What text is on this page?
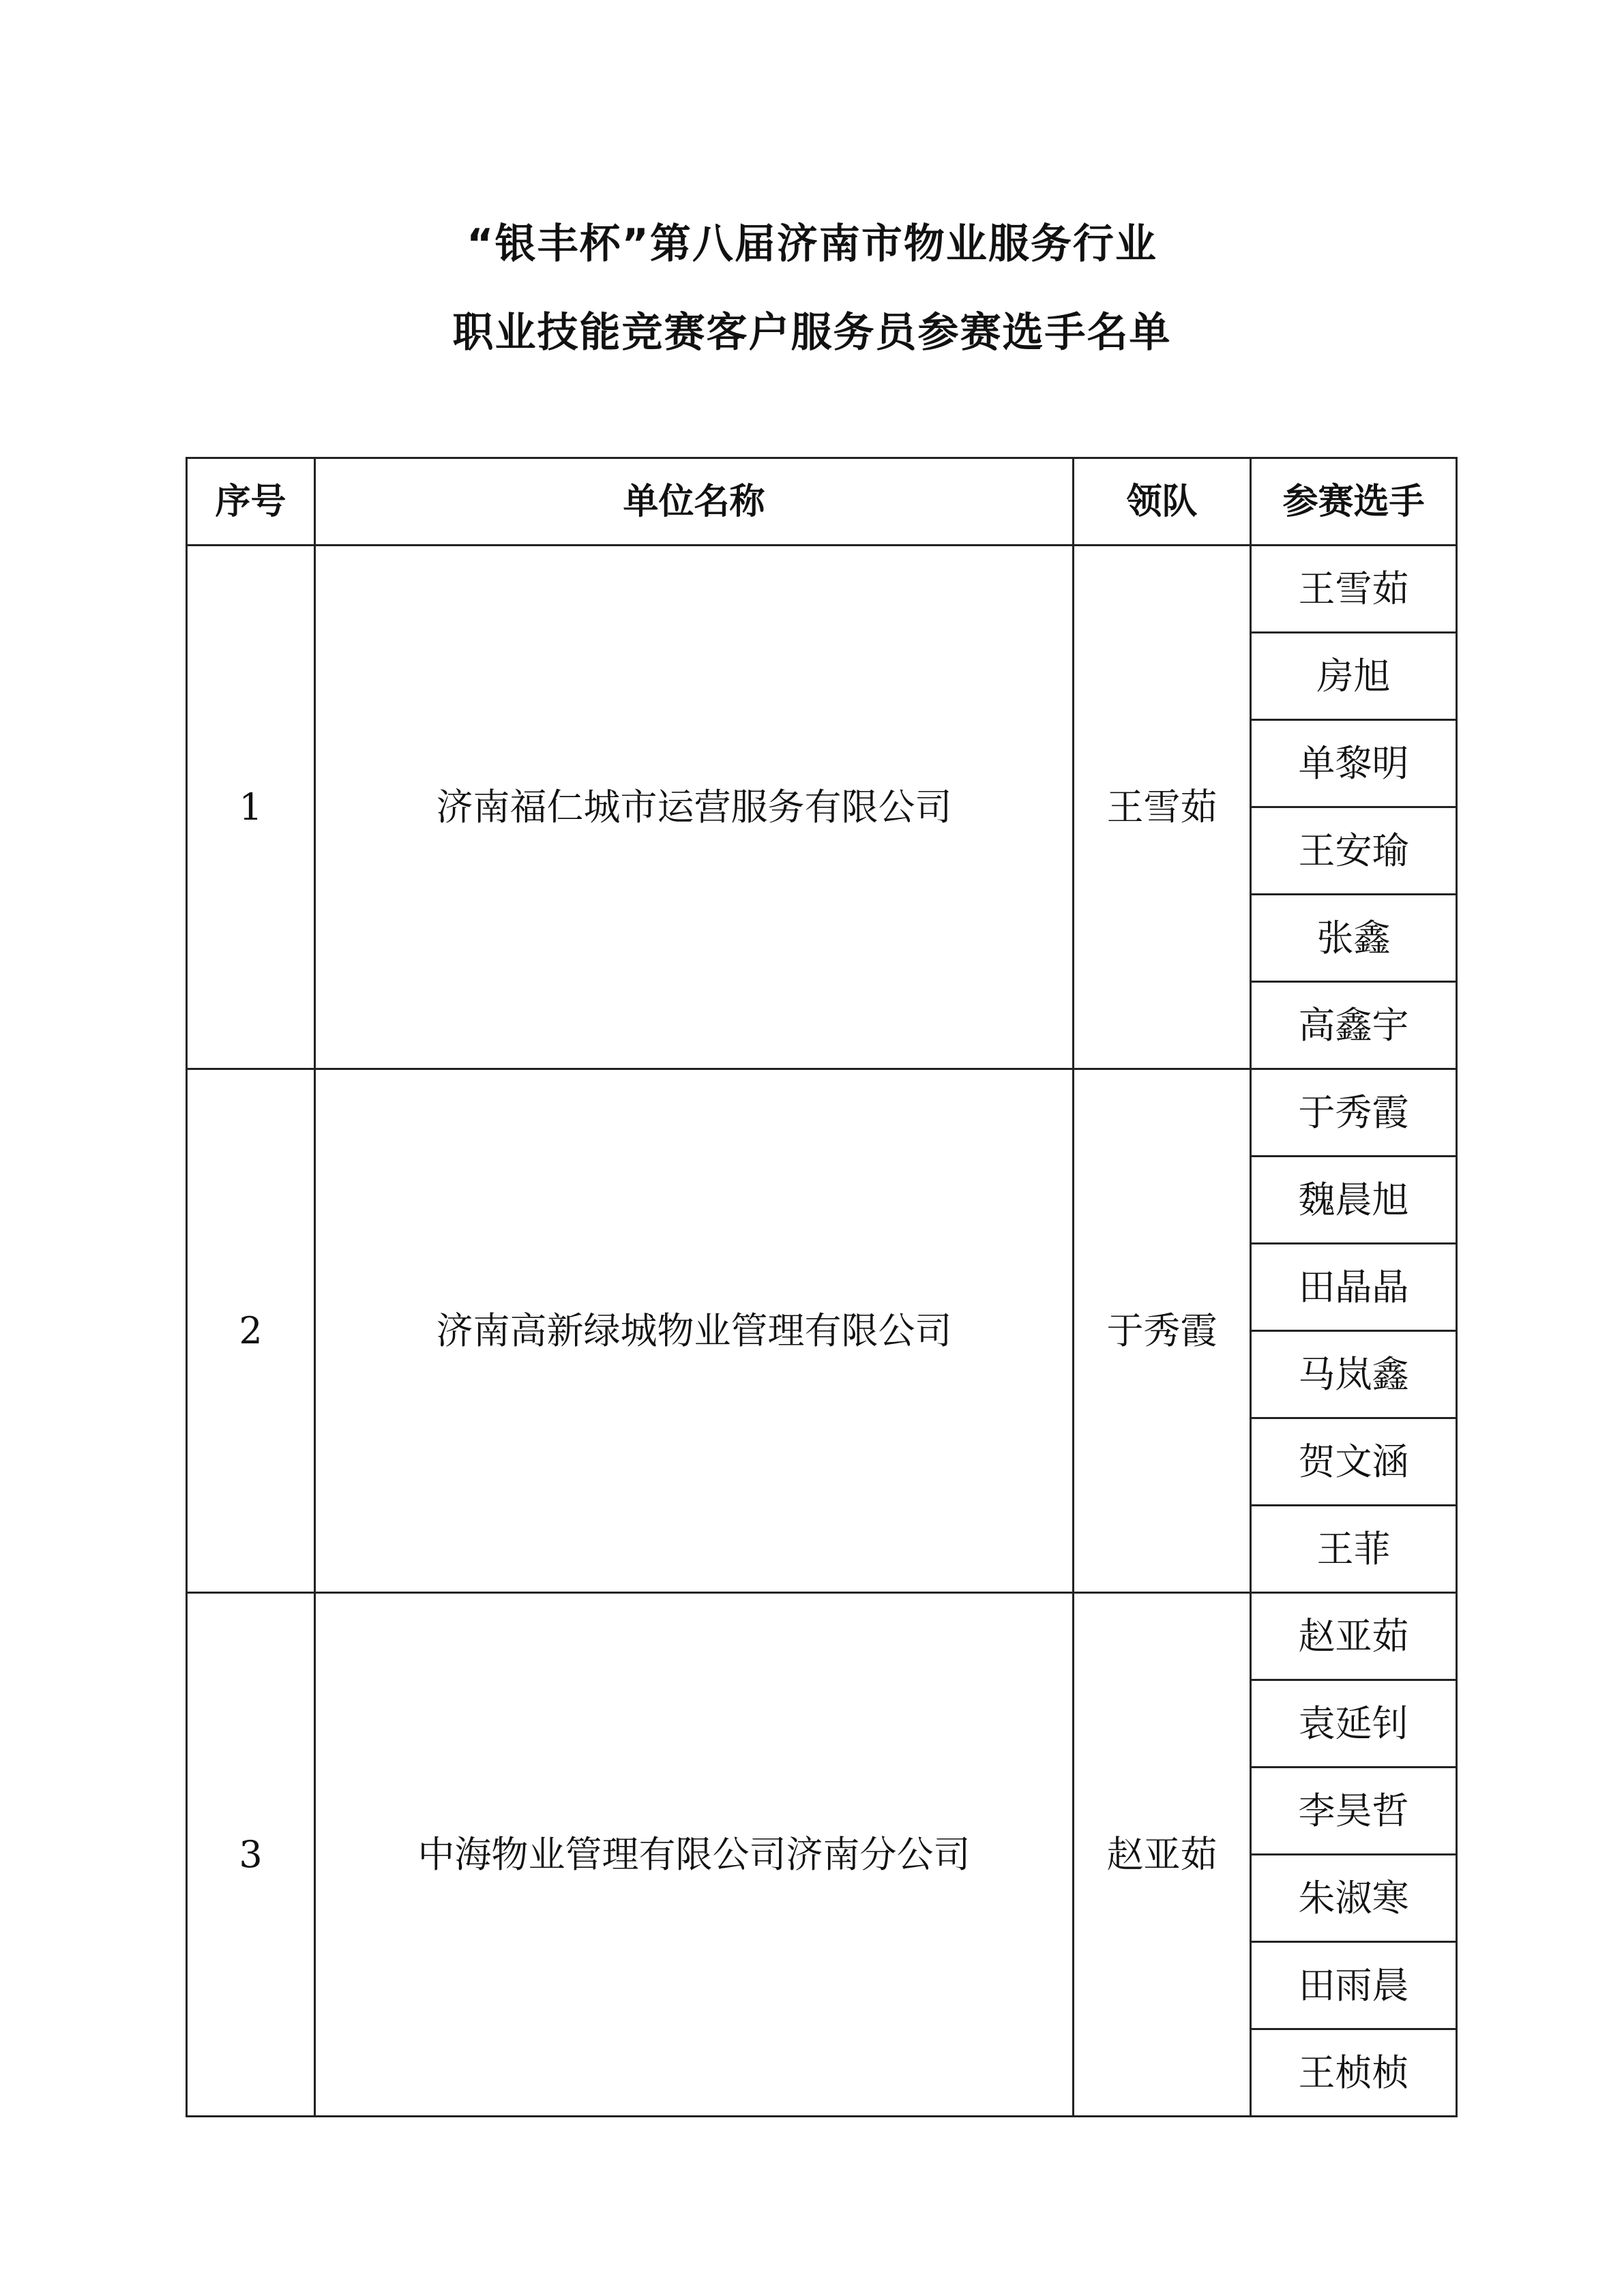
“银丰杯”第八届济南市物业服务行业
职业技能竞赛客户服务员参赛选手名单
序号	单位名称	领队	参赛选手
1	济南福仁城市运营服务有限公司	王雪茹	王雪茹
			房旭
			单黎明
			王安瑜
			张鑫
			高鑫宇
2	济南高新绿城物业管理有限公司	于秀霞	于秀霞
			魏晨旭
			田晶晶
			马岚鑫
			贺文涵
			王菲
3	中海物业管理有限公司济南分公司	赵亚茹	赵亚茹
			袁延钊
			李昊哲
			朱淑寒
			田雨晨
			王桢桢
